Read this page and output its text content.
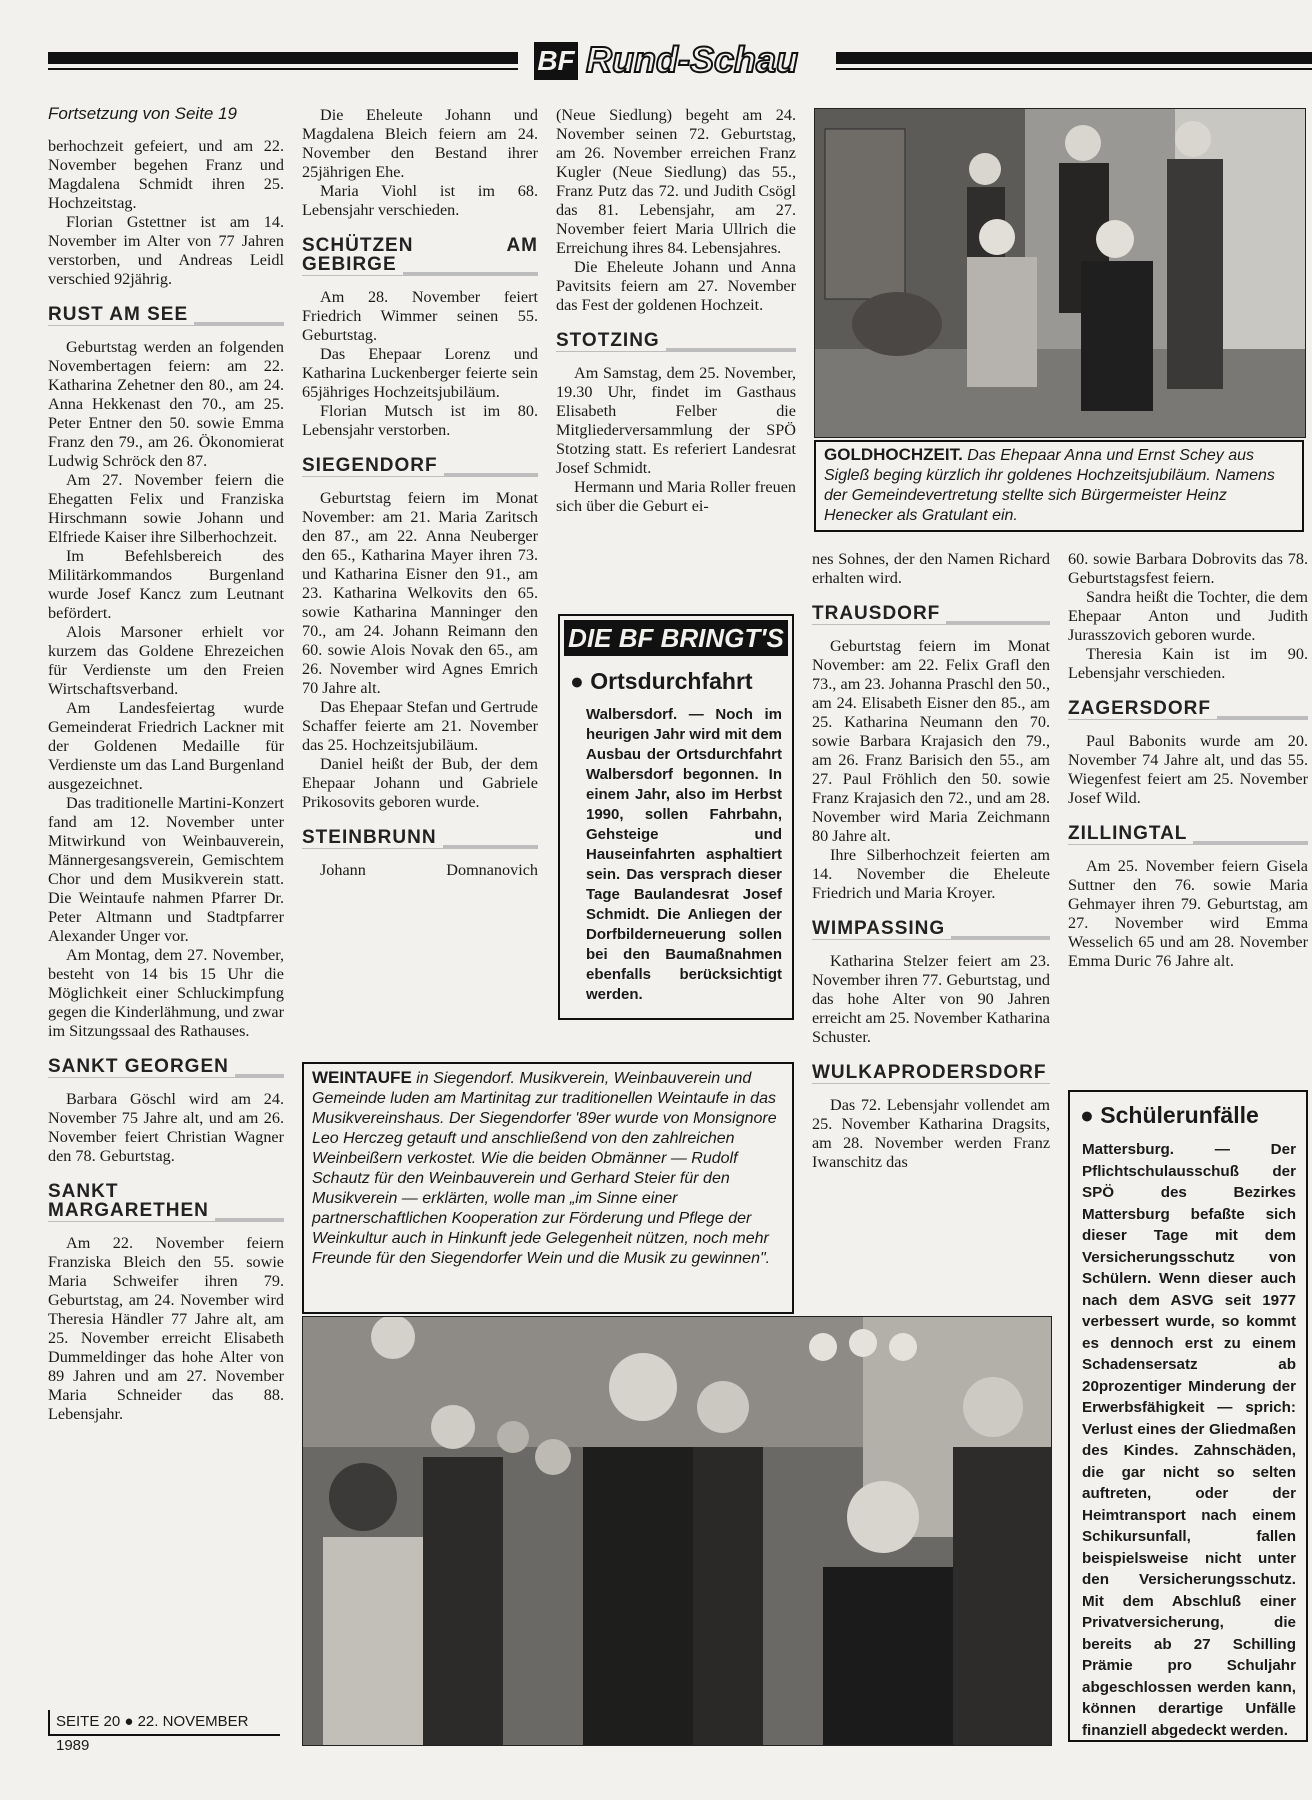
BF Rund-Schau
Fortsetzung von Seite 19

berhochzeit gefeiert, und am 22. November begehen Franz und Magdalena Schmidt ihren 25. Hochzeitstag.

Florian Gstettner ist am 14. November im Alter von 77 Jahren verstorben, und Andreas Leidl verschied 92jährig.

RUST AM SEE

Geburtstag werden an folgenden Novembertagen feiern: am 22. Katharina Zehetner den 80., am 24. Anna Hekkenast den 70., am 25. Peter Entner den 50. sowie Emma Franz den 79., am 26. Ökonomierat Ludwig Schröck den 87.

Am 27. November feiern die Ehegatten Felix und Franziska Hirschmann sowie Johann und Elfriede Kaiser ihre Silberhochzeit.

Im Befehlsbereich des Militärkommandos Burgenland wurde Josef Kancz zum Leutnant befördert.

Alois Marsoner erhielt vor kurzem das Goldene Ehrezeichen für Verdienste um den Freien Wirtschaftsverband.

Am Landesfeiertag wurde Gemeinderat Friedrich Lackner mit der Goldenen Medaille für Verdienste um das Land Burgenland ausgezeichnet.

Das traditionelle Martini-Konzert fand am 12. November unter Mitwirkund von Weinbauverein, Männergesangsverein, Gemischtem Chor und dem Musikverein statt. Die Weintaufe nahmen Pfarrer Dr. Peter Altmann und Stadtpfarrer Alexander Unger vor.

Am Montag, dem 27. November, besteht von 14 bis 15 Uhr die Möglichkeit einer Schluckimpfung gegen die Kinderlähmung, und zwar im Sitzungssaal des Rathauses.

SANKT GEORGEN

Barbara Göschl wird am 24. November 75 Jahre alt, und am 26. November feiert Christian Wagner den 78. Geburtstag.

SANKT MARGARETHEN

Am 22. November feiern Franziska Bleich den 55. sowie Maria Schweifer ihren 79. Geburtstag, am 24. November wird Theresia Händler 77 Jahre alt, am 25. November erreicht Elisabeth Dummeldinger das hohe Alter von 89 Jahren und am 27. November Maria Schneider das 88. Lebensjahr.

SEITE 20 ● 22. NOVEMBER 1989

Die Eheleute Johann und Magdalena Bleich feiern am 24. November den Bestand ihrer 25jährigen Ehe.

Maria Viohl ist im 68. Lebensjahr verschieden.

SCHÜTZEN AM GEBIRGE

Am 28. November feiert Friedrich Wimmer seinen 55. Geburtstag.

Das Ehepaar Lorenz und Katharina Luckenberger feierte sein 65jähriges Hochzeitsjubiläum.

Florian Mutsch ist im 80. Lebensjahr verstorben.

SIEGENDORF

Geburtstag feiern im Monat November: am 21. Maria Zaritsch den 87., am 22. Anna Neuberger den 65., Katharina Mayer ihren 73. und Katharina Eisner den 91., am 23. Katharina Welkovits den 65. sowie Katharina Manninger den 70., am 24. Johann Reimann den 60. sowie Alois Novak den 65., am 26. November wird Agnes Emrich 70 Jahre alt.

Das Ehepaar Stefan und Gertrude Schaffer feierte am 21. November das 25. Hochzeitsjubiläum.

Daniel heißt der Bub, der dem Ehepaar Johann und Gabriele Prikosovits geboren wurde.

STEINBRUNN

Johann Domnanovich

(Neue Siedlung) begeht am 24. November seinen 72. Geburtstag, am 26. November erreichen Franz Kugler (Neue Siedlung) das 55., Franz Putz das 72. und Judith Csögl das 81. Lebensjahr, am 27. November feiert Maria Ullrich die Erreichung ihres 84. Lebensjahres.

Die Eheleute Johann und Anna Pavitsits feiern am 27. November das Fest der goldenen Hochzeit.

STOTZING

Am Samstag, dem 25. November, 19.30 Uhr, findet im Gasthaus Elisabeth Felber die Mitgliederversammlung der SPÖ Stotzing statt. Es referiert Landesrat Josef Schmidt.

Hermann und Maria Roller freuen sich über die Geburt ei-

DIE BF BRINGT'S
● Ortsdurchfahrt
Walbersdorf. — Noch im heurigen Jahr wird mit dem Ausbau der Ortsdurchfahrt Walbersdorf begonnen. In einem Jahr, also im Herbst 1990, sollen Fahrbahn, Gehsteige und Hauseinfahrten asphaltiert sein. Das versprach dieser Tage Baulandesrat Josef Schmidt. Die Anliegen der Dorfbilderneuerung sollen bei den Baumaßnahmen ebenfalls berücksichtigt werden.
GOLDHOCHZEIT. Das Ehepaar Anna und Ernst Schey aus Sigleß beging kürzlich ihr goldenes Hochzeitsjubiläum. Namens der Gemeindevertretung stellte sich Bürgermeister Heinz Henecker als Gratulant ein.

nes Sohnes, der den Namen Richard erhalten wird.

TRAUSDORF

Geburtstag feiern im Monat November: am 22. Felix Grafl den 73., am 23. Johanna Praschl den 50., am 24. Elisabeth Eisner den 85., am 25. Katharina Neumann den 70. sowie Barbara Krajasich den 79., am 26. Franz Barisich den 55., am 27. Paul Fröhlich den 50. sowie Franz Krajasich den 72., und am 28. November wird Maria Zeichmann 80 Jahre alt.

Ihre Silberhochzeit feierten am 14. November die Eheleute Friedrich und Maria Kroyer.

WIMPASSING

Katharina Stelzer feiert am 23. November ihren 77. Geburtstag, und das hohe Alter von 90 Jahren erreicht am 25. November Katharina Schuster.

WULKAPRODERSDORF

Das 72. Lebensjahr vollendet am 25. November Katharina Dragsits, am 28. November werden Franz Iwanschitz das

60. sowie Barbara Dobrovits das 78. Geburtstagsfest feiern.

Sandra heißt die Tochter, die dem Ehepaar Anton und Judith Jurasszovich geboren wurde.

Theresia Kain ist im 90. Lebensjahr verschieden.

ZAGERSDORF

Paul Babonits wurde am 20. November 74 Jahre alt, und das 55. Wiegenfest feiert am 25. November Josef Wild.

ZILLINGTAL

Am 25. November feiern Gisela Suttner den 76. sowie Maria Gehmayer ihren 79. Geburtstag, am 27. November wird Emma Wesselich 65 und am 28. November Emma Duric 76 Jahre alt.

● Schülerunfälle
Mattersburg. — Der Pflichtschulausschuß der SPÖ des Bezirkes Mattersburg befaßte sich dieser Tage mit dem Versicherungsschutz von Schülern. Wenn dieser auch nach dem ASVG seit 1977 verbessert wurde, so kommt es dennoch erst zu einem Schadensersatz ab 20prozentiger Minderung der Erwerbsfähigkeit — sprich: Verlust eines der Gliedmaßen des Kindes. Zahnschäden, die gar nicht so selten auftreten, oder der Heimtransport nach einem Schikursunfall, fallen beispielsweise nicht unter den Versicherungsschutz. Mit dem Abschluß einer Privatversicherung, die bereits ab 27 Schilling Prämie pro Schuljahr abgeschlossen werden kann, können derartige Unfälle finanziell abgedeckt werden.
WEINTAUFE in Siegendorf. Musikverein, Weinbauverein und Gemeinde luden am Martinitag zur traditionellen Weintaufe in das Musikvereinshaus. Der Siegendorfer '89er wurde von Monsignore Leo Herczeg getauft und anschließend von den zahlreichen Weinbeißern verkostet. Wie die beiden Obmänner — Rudolf Schautz für den Weinbauverein und Gerhard Steier für den Musikverein — erklärten, wolle man „im Sinne einer partnerschaftlichen Kooperation zur Förderung und Pflege der Weinkultur auch in Hinkunft jede Gelegenheit nützen, noch mehr Freunde für den Siegendorfer Wein und die Musik zu gewinnen".
